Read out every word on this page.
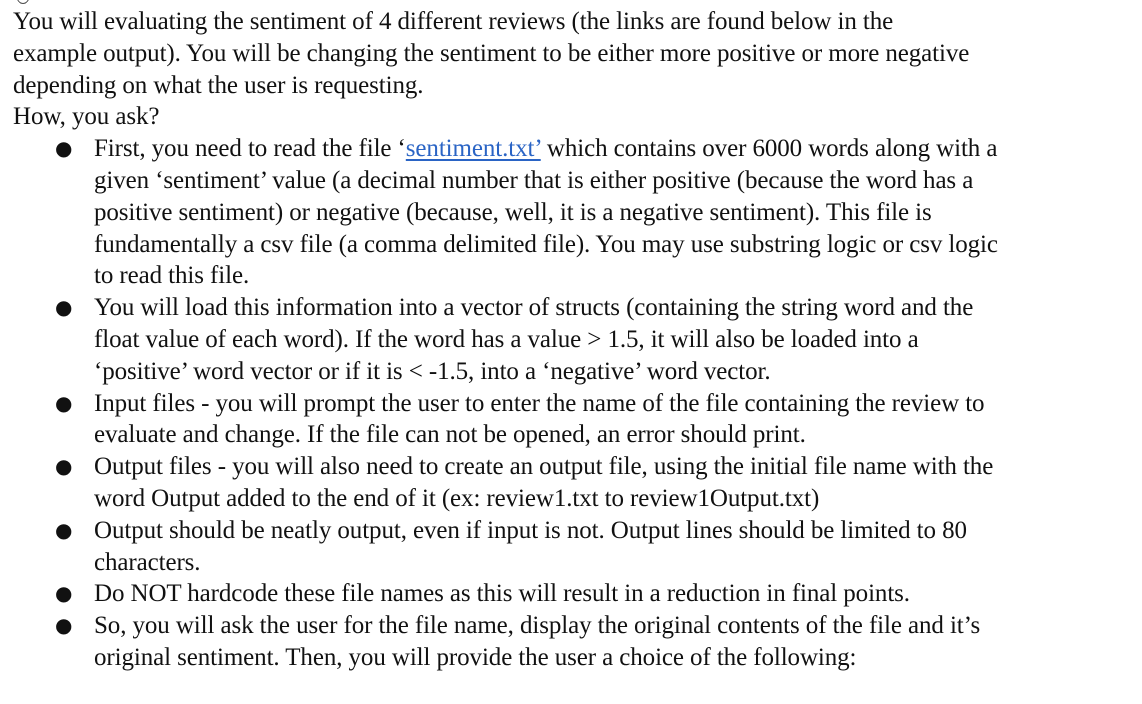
You will evaluating the sentiment of 4 different reviews (the links are found below in the
example output). You will be changing the sentiment to be either more positive or more negative
depending on what the user is requesting.
How, you ask?

● First, you need to read the file ‘sentiment.txt’ which contains over 6000 words along with a
given ‘sentiment’ value (a decimal number that is either positive (because the word has a
positive sentiment) or negative (because, well, it is a negative sentiment). This file is
fundamentally a csv file (a comma delimited file). You may use substring logic or csv logic
to read this file.
● You will load this information into a vector of structs (containing the string word and the
float value of each word). If the word has a value > 1.5, it will also be loaded into a
‘positive’ word vector or if it is < -1.5, into a ‘negative’ word vector.
● Input files - you will prompt the user to enter the name of the file containing the review to
evaluate and change. If the file can not be opened, an error should print.
● Output files - you will also need to create an output file, using the initial file name with the
word Output added to the end of it (ex: review1.txt to review1Output.txt)
● Output should be neatly output, even if input is not. Output lines should be limited to 80
characters.
● Do NOT hardcode these file names as this will result in a reduction in final points.
● So, you will ask the user for the file name, display the original contents of the file and it’s
original sentiment. Then, you will provide the user a choice of the following:
